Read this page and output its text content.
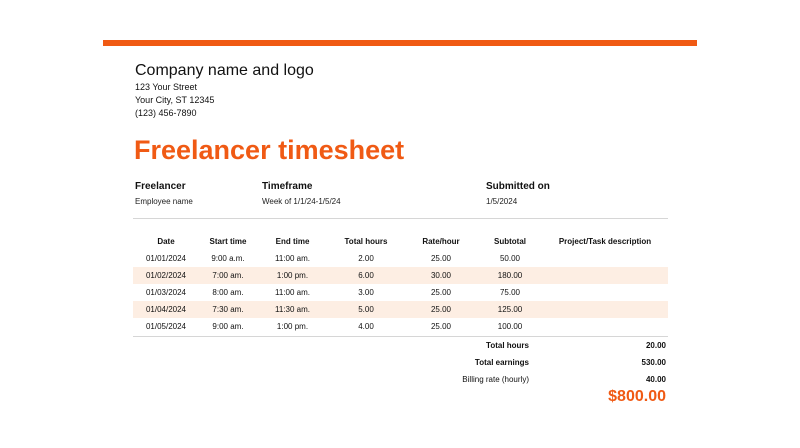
Company name and logo
123 Your Street
Your City, ST 12345
(123) 456-7890
Freelancer timesheet
Freelancer
Employee name
Timeframe
Week of 1/1/24-1/5/24
Submitted on
1/5/2024
Date	Start time	End time	Total hours	Rate/hour	Subtotal	Project/Task description
01/01/2024	9:00 a.m.	11:00 am.	2.00	25.00	50.00
01/02/2024	7:00 am.	1:00 pm.	6.00	30.00	180.00
01/03/2024	8:00 am.	11:00 am.	3.00	25.00	75.00
01/04/2024	7:30 am.	11:30 am.	5.00	25.00	125.00
01/05/2024	9:00 am.	1:00 pm.	4.00	25.00	100.00
Total hours	20.00
Total earnings	530.00
Billing rate (hourly)	40.00
$800.00
